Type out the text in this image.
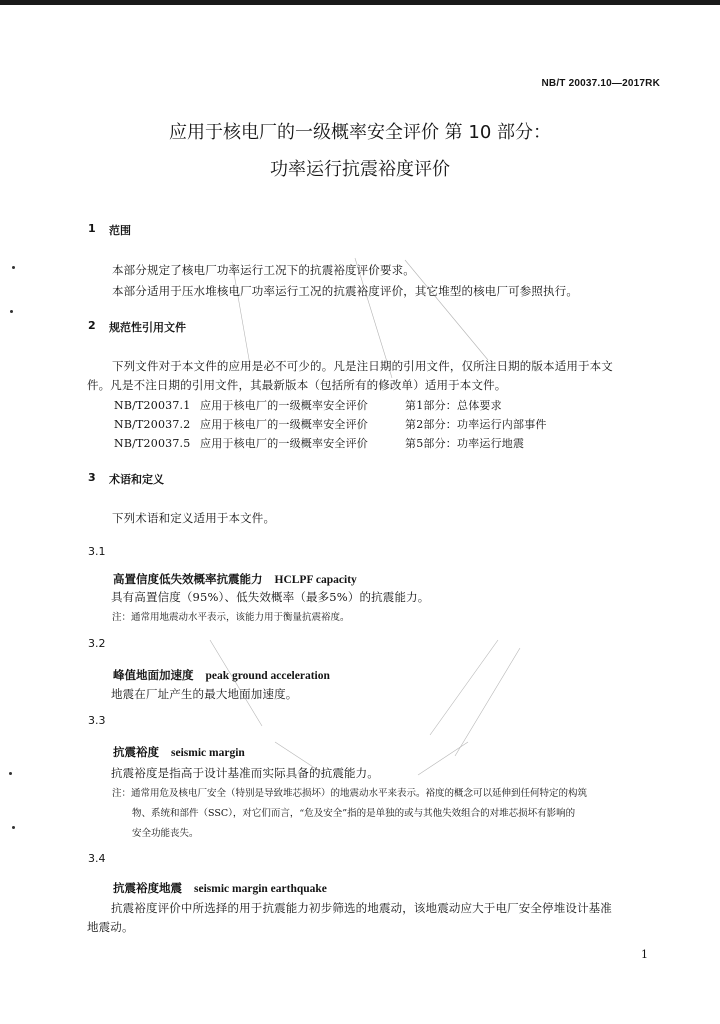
NB/T 20037.10—2017RK
应用于核电厂的一级概率安全评价 第 10 部分：
功率运行抗震裕度评价
1 范围
本部分规定了核电厂功率运行工况下的抗震裕度评价要求。
本部分适用于压水堆核电厂功率运行工况的抗震裕度评价，其它堆型的核电厂可参照执行。
2 规范性引用文件
下列文件对于本文件的应用是必不可少的。凡是注日期的引用文件，仅所注日期的版本适用于本文
件。凡是不注日期的引用文件，其最新版本（包括所有的修改单）适用于本文件。
NB/T20037.1 应用于核电厂的一级概率安全评价	第1部分：总体要求
NB/T20037.2 应用于核电厂的一级概率安全评价	第2部分：功率运行内部事件
NB/T20037.5 应用于核电厂的一级概率安全评价	第5部分：功率运行地震
3 术语和定义
下列术语和定义适用于本文件。
3.1
高置信度低失效概率抗震能力 HCLPF capacity
具有高置信度（95%）、低失效概率（最多5%）的抗震能力。
注：通常用地震动水平表示，该能力用于衡量抗震裕度。
3.2
峰值地面加速度 peak ground acceleration
地震在厂址产生的最大地面加速度。
3.3
抗震裕度 seismic margin
抗震裕度是指高于设计基准而实际具备的抗震能力。
注：通常用危及核电厂安全（特别是导致堆芯损坏）的地震动水平来表示。裕度的概念可以延伸到任何特定的构筑
物、系统和部件（SSC），对它们而言，“危及安全”指的是单独的或与其他失效组合的对堆芯损坏有影响的
安全功能丧失。
3.4
抗震裕度地震 seismic margin earthquake
抗震裕度评价中所选择的用于抗震能力初步筛选的地震动，该地震动应大于电厂安全停堆设计基准
地震动。
1
